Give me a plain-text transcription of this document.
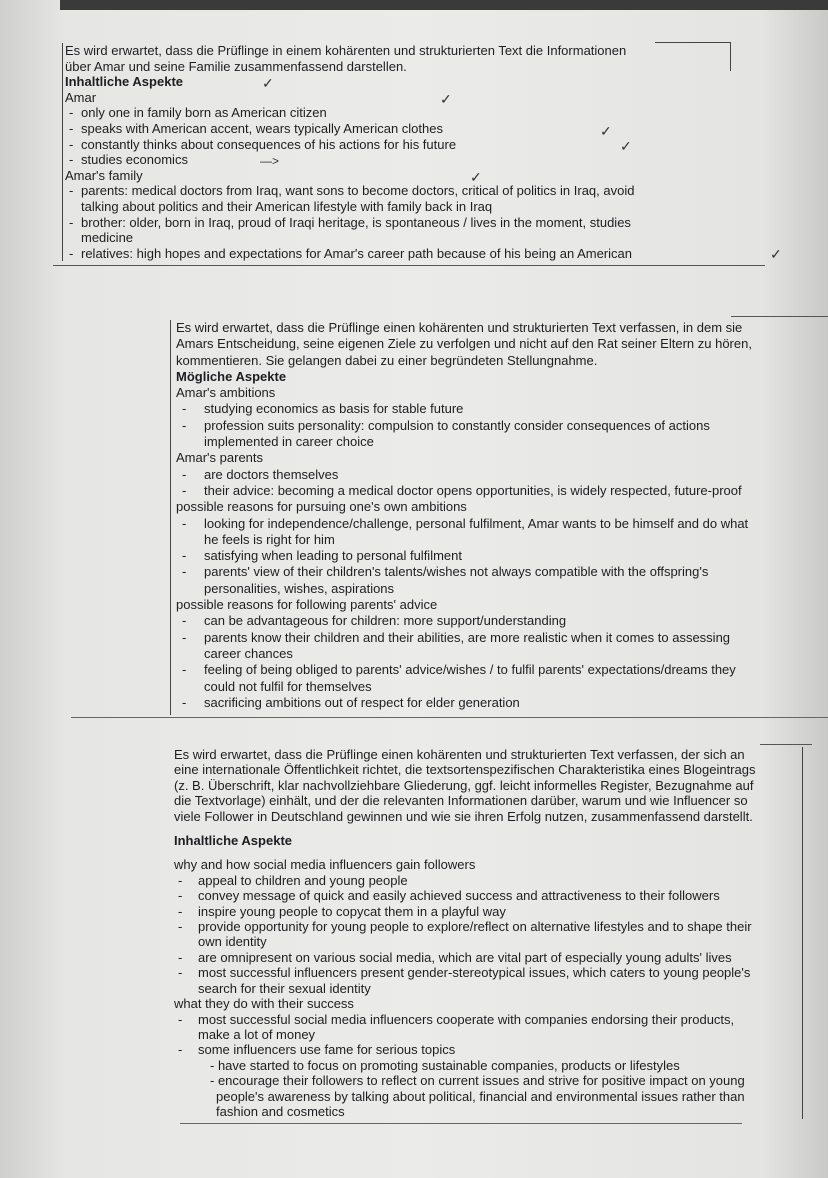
Es wird erwartet, dass die Prüflinge in einem kohärenten und strukturierten Text die Informationen
über Amar und seine Familie zusammenfassend darstellen.
Inhaltliche Aspekte
Amar
- only one in family born as American citizen
- speaks with American accent, wears typically American clothes
- constantly thinks about consequences of his actions for his future
- studies economics
Amar's family
- parents: medical doctors from Iraq, want sons to become doctors, critical of politics in Iraq, avoid
talking about politics and their American lifestyle with family back in Iraq
- brother: older, born in Iraq, proud of Iraqi heritage, is spontaneous / lives in the moment, studies
medicine
- relatives: high hopes and expectations for Amar's career path because of his being an American
Es wird erwartet, dass die Prüflinge einen kohärenten und strukturierten Text verfassen, in dem sie
Amars Entscheidung, seine eigenen Ziele zu verfolgen und nicht auf den Rat seiner Eltern zu hören,
kommentieren. Sie gelangen dabei zu einer begründeten Stellungnahme.
Mögliche Aspekte
Amar's ambitions
- studying economics as basis for stable future
- profession suits personality: compulsion to constantly consider consequences of actions
implemented in career choice
Amar's parents
- are doctors themselves
- their advice: becoming a medical doctor opens opportunities, is widely respected, future-proof
possible reasons for pursuing one's own ambitions
- looking for independence/challenge, personal fulfilment, Amar wants to be himself and do what
he feels is right for him
- satisfying when leading to personal fulfilment
- parents' view of their children's talents/wishes not always compatible with the offspring's
personalities, wishes, aspirations
possible reasons for following parents' advice
- can be advantageous for children: more support/understanding
- parents know their children and their abilities, are more realistic when it comes to assessing
career chances
- feeling of being obliged to parents' advice/wishes / to fulfil parents' expectations/dreams they
could not fulfil for themselves
- sacrificing ambitions out of respect for elder generation
Es wird erwartet, dass die Prüflinge einen kohärenten und strukturierten Text verfassen, der sich an
eine internationale Öffentlichkeit richtet, die textsortenspezifischen Charakteristika eines Blogeintrags
(z. B. Überschrift, klar nachvollziehbare Gliederung, ggf. leicht informelles Register, Bezugnahme auf
die Textvorlage) einhält, und der die relevanten Informationen darüber, warum und wie Influencer so
viele Follower in Deutschland gewinnen und wie sie ihren Erfolg nutzen, zusammenfassend darstellt.
Inhaltliche Aspekte
why and how social media influencers gain followers
- appeal to children and young people
- convey message of quick and easily achieved success and attractiveness to their followers
- inspire young people to copycat them in a playful way
- provide opportunity for young people to explore/reflect on alternative lifestyles and to shape their
own identity
- are omnipresent on various social media, which are vital part of especially young adults' lives
- most successful influencers present gender-stereotypical issues, which caters to young people's
search for their sexual identity
what they do with their success
- most successful social media influencers cooperate with companies endorsing their products,
make a lot of money
- some influencers use fame for serious topics
- have started to focus on promoting sustainable companies, products or lifestyles
- encourage their followers to reflect on current issues and strive for positive impact on young
people's awareness by talking about political, financial and environmental issues rather than
fashion and cosmetics
✓
✓
✓
✓
—>
✓
✓
